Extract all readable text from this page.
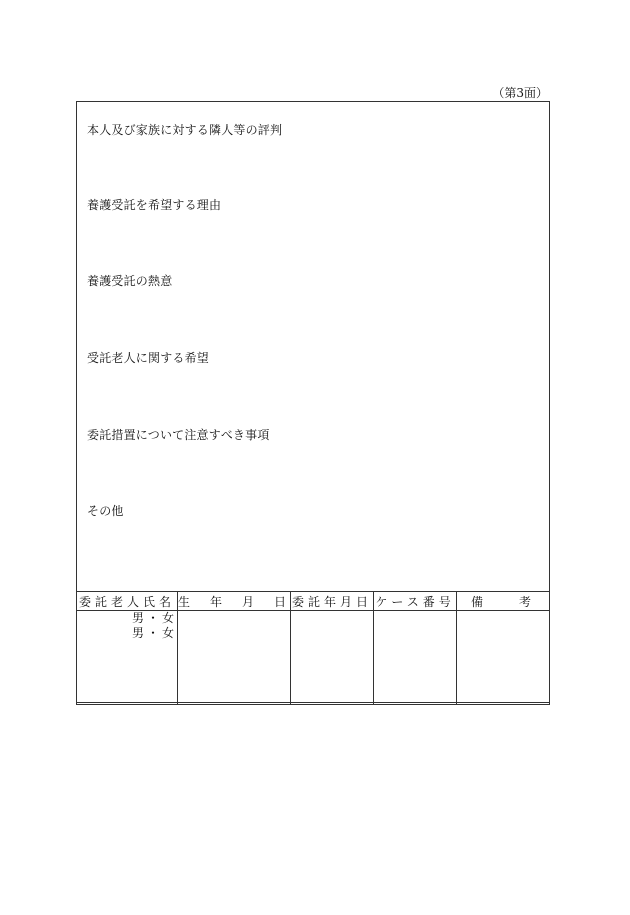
（第3面）
本人及び家族に対する隣人等の評判
養護受託を希望する理由
養護受託の熱意
受託老人に関する希望
委託措置について注意すべき事項
その他
委託老人氏名	生　年　月　日	委託年月日	ケース番号	備　　考

男・女
男・女				
